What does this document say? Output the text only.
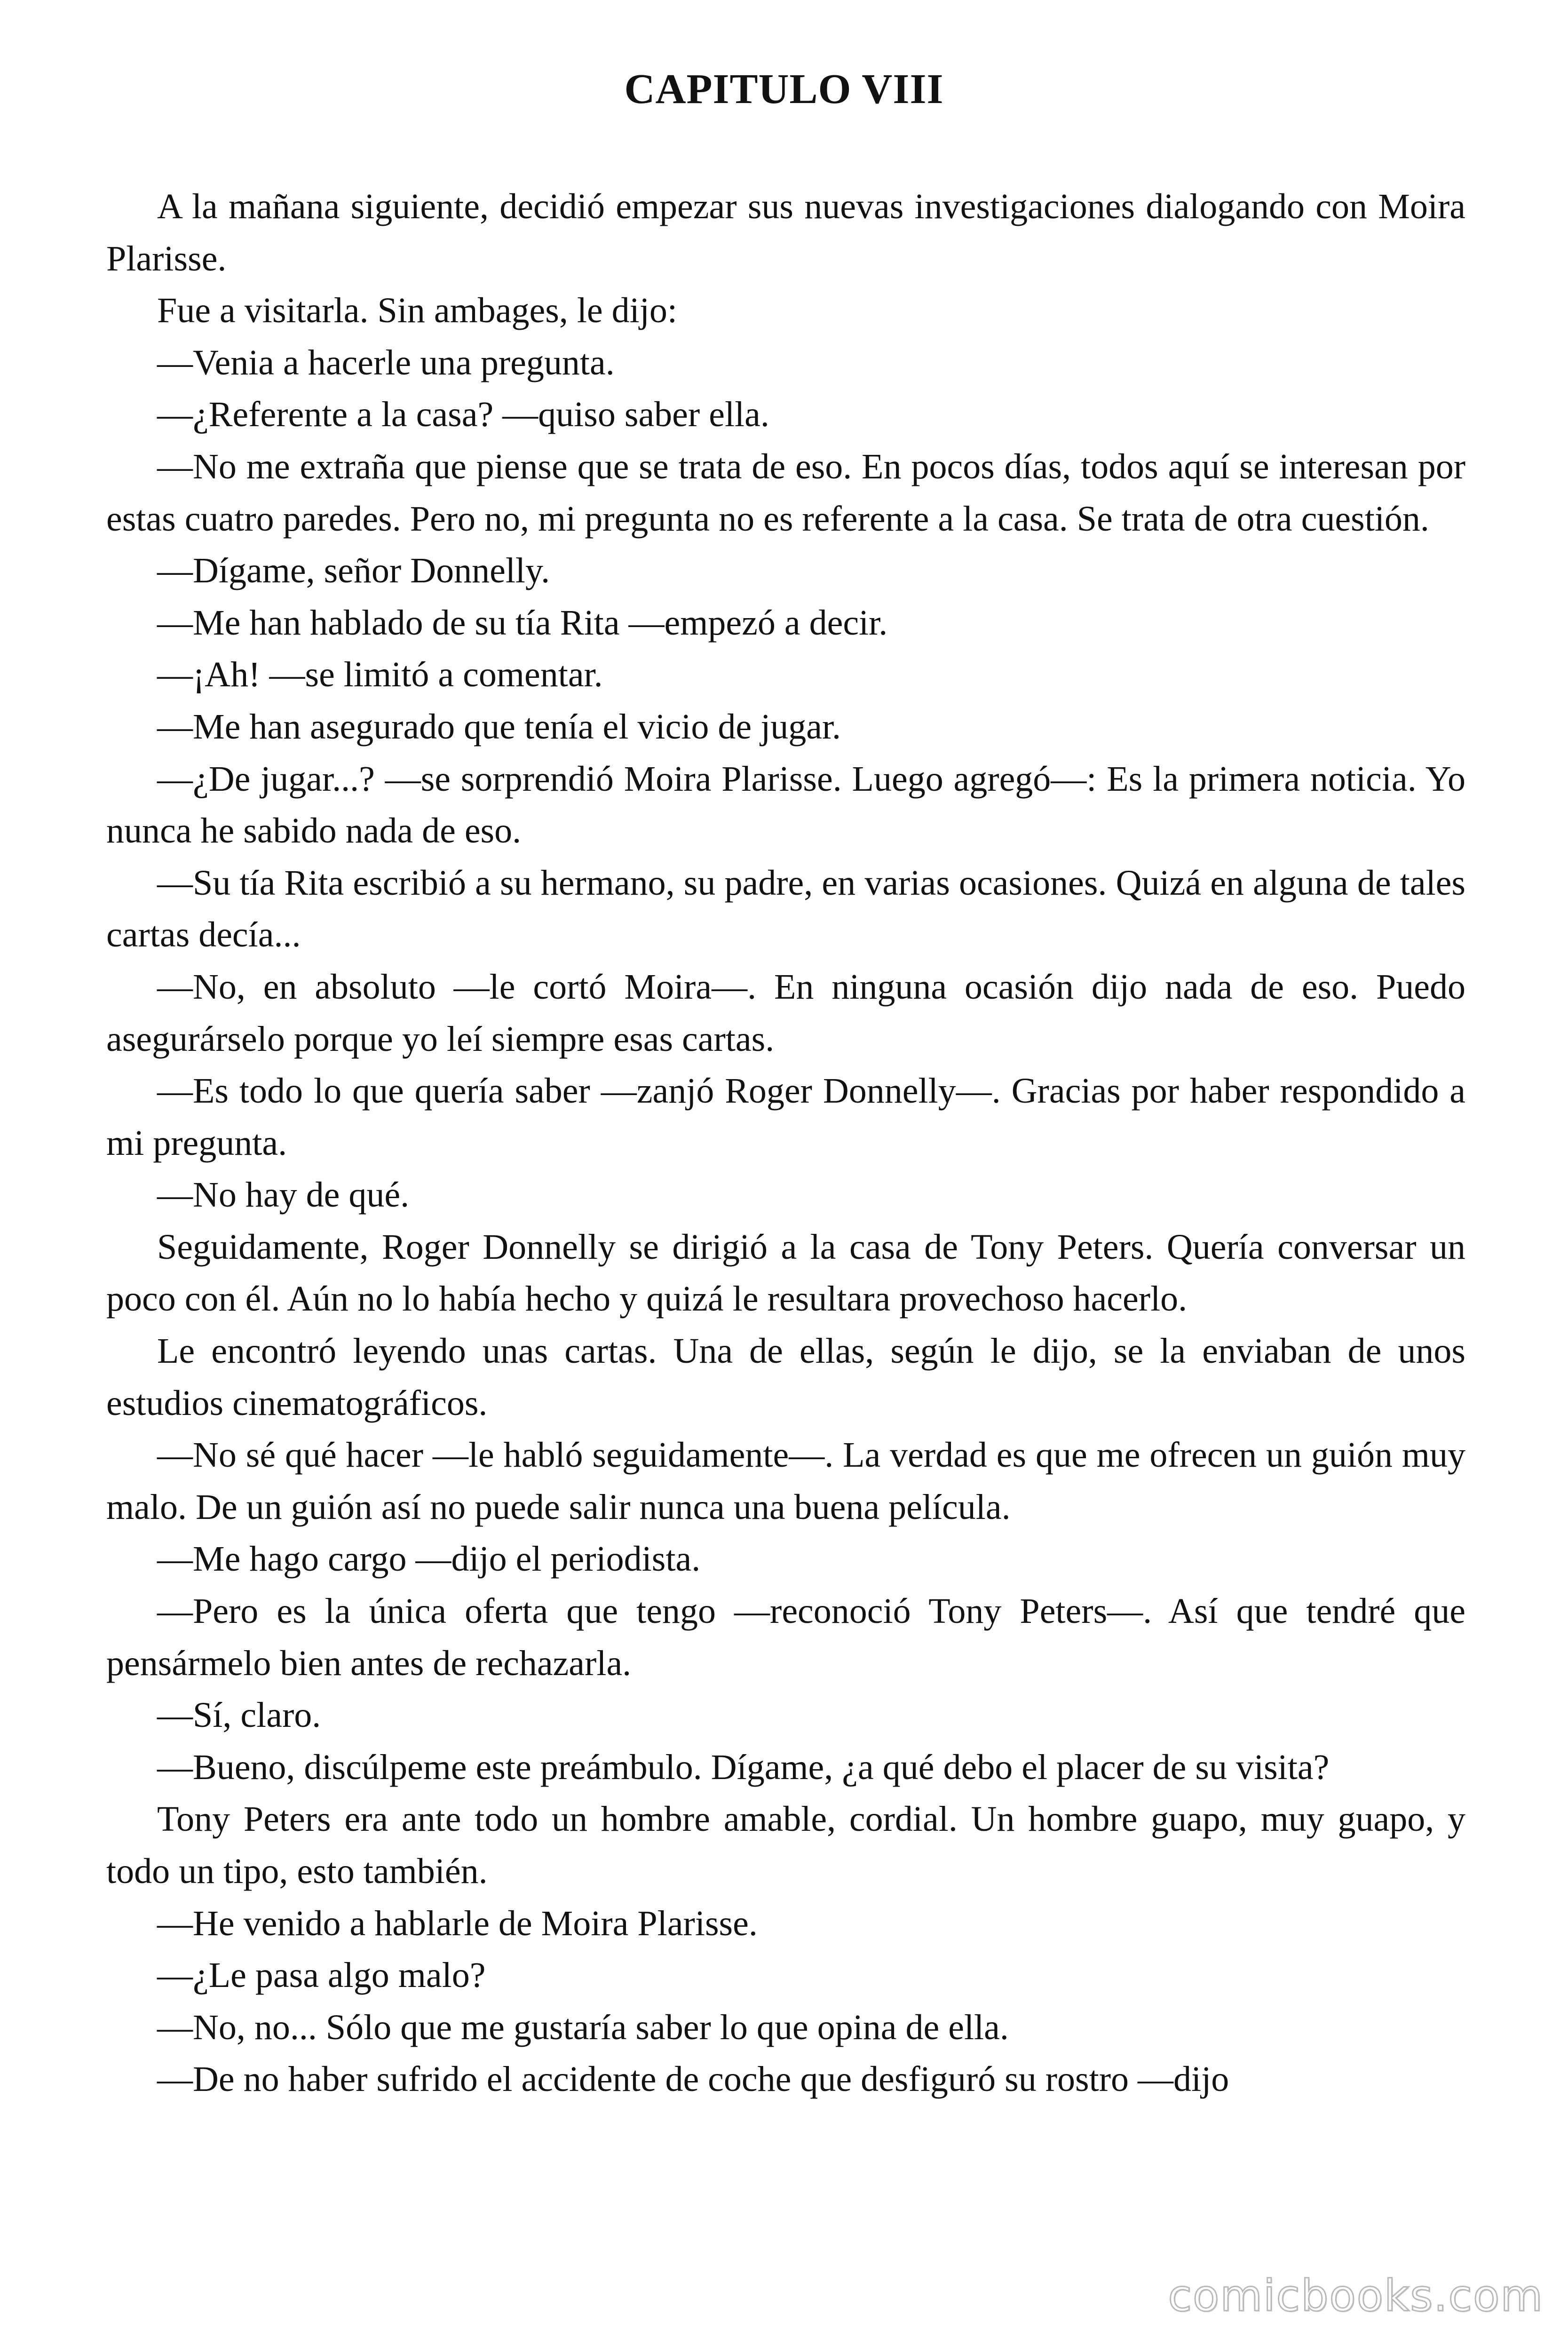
CAPITULO VIII

A la mañana siguiente, decidió empezar sus nuevas investigaciones dialogando con Moira Plarisse.

Fue a visitarla. Sin ambages, le dijo:

—Venia a hacerle una pregunta.

—¿Referente a la casa? —quiso saber ella.

—No me extraña que piense que se trata de eso. En pocos días, todos aquí se interesan por estas cuatro paredes. Pero no, mi pregunta no es referente a la casa. Se trata de otra cuestión.

—Dígame, señor Donnelly.

—Me han hablado de su tía Rita —empezó a decir.

—¡Ah! —se limitó a comentar.

—Me han asegurado que tenía el vicio de jugar.

—¿De jugar...? —se sorprendió Moira Plarisse. Luego agregó—: Es la primera noticia. Yo nunca he sabido nada de eso.

—Su tía Rita escribió a su hermano, su padre, en varias ocasiones. Quizá en alguna de tales cartas decía...

—No, en absoluto —le cortó Moira—. En ninguna ocasión dijo nada de eso. Puedo asegurárselo porque yo leí siempre esas cartas.

—Es todo lo que quería saber —zanjó Roger Donnelly—. Gracias por haber respondido a mi pregunta.

—No hay de qué.

Seguidamente, Roger Donnelly se dirigió a la casa de Tony Peters. Quería conversar un poco con él. Aún no lo había hecho y quizá le resultara provechoso hacerlo.

Le encontró leyendo unas cartas. Una de ellas, según le dijo, se la enviaban de unos estudios cinematográficos.

—No sé qué hacer —le habló seguidamente—. La verdad es que me ofrecen un guión muy malo. De un guión así no puede salir nunca una buena película.

—Me hago cargo —dijo el periodista.

—Pero es la única oferta que tengo —reconoció Tony Peters—. Así que tendré que pensármelo bien antes de rechazarla.

—Sí, claro.

—Bueno, discúlpeme este preámbulo. Dígame, ¿a qué debo el placer de su visita?

Tony Peters era ante todo un hombre amable, cordial. Un hombre guapo, muy guapo, y todo un tipo, esto también.

—He venido a hablarle de Moira Plarisse.

—¿Le pasa algo malo?

—No, no... Sólo que me gustaría saber lo que opina de ella.

—De no haber sufrido el accidente de coche que desfiguró su rostro —dijo

comicbooks.com
